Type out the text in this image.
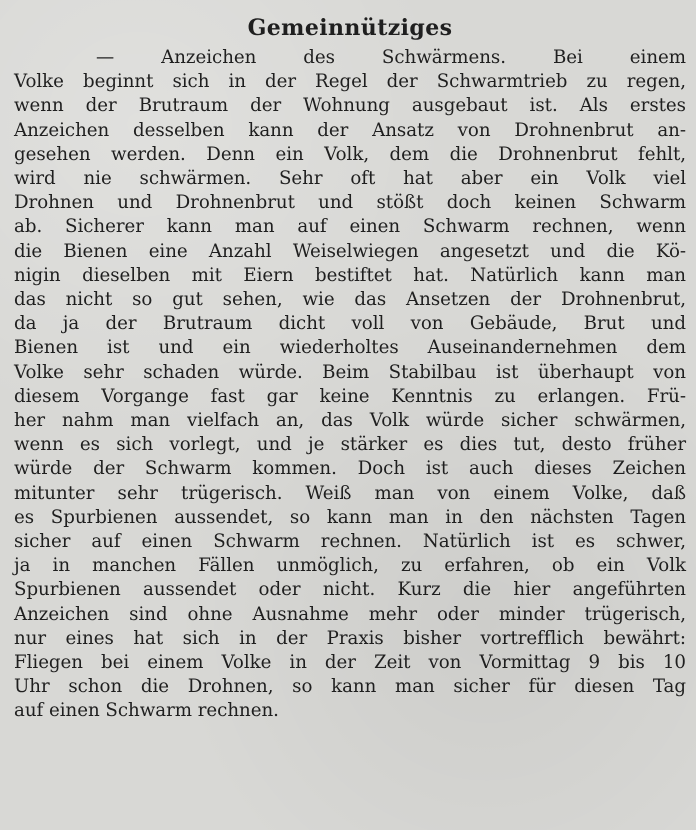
Gemeinnütziges
— Anzeichen des Schwärmens. Bei einem
Volke beginnt sich in der Regel der Schwarmtrieb zu regen,
wenn der Brutraum der Wohnung ausgebaut ist. Als erstes
Anzeichen desselben kann der Ansatz von Drohnenbrut an-
gesehen werden. Denn ein Volk, dem die Drohnenbrut fehlt,
wird nie schwärmen. Sehr oft hat aber ein Volk viel
Drohnen und Drohnenbrut und stößt doch keinen Schwarm
ab. Sicherer kann man auf einen Schwarm rechnen, wenn
die Bienen eine Anzahl Weiselwiegen angesetzt und die Kö-
nigin dieselben mit Eiern bestiftet hat. Natürlich kann man
das nicht so gut sehen, wie das Ansetzen der Drohnenbrut,
da ja der Brutraum dicht voll von Gebäude, Brut und
Bienen ist und ein wiederholtes Auseinandernehmen dem
Volke sehr schaden würde. Beim Stabilbau ist überhaupt von
diesem Vorgange fast gar keine Kenntnis zu erlangen. Frü-
her nahm man vielfach an, das Volk würde sicher schwärmen,
wenn es sich vorlegt, und je stärker es dies tut, desto früher
würde der Schwarm kommen. Doch ist auch dieses Zeichen
mitunter sehr trügerisch. Weiß man von einem Volke, daß
es Spurbienen aussendet, so kann man in den nächsten Tagen
sicher auf einen Schwarm rechnen. Natürlich ist es schwer,
ja in manchen Fällen unmöglich, zu erfahren, ob ein Volk
Spurbienen aussendet oder nicht. Kurz die hier angeführten
Anzeichen sind ohne Ausnahme mehr oder minder trügerisch,
nur eines hat sich in der Praxis bisher vortrefflich bewährt:
Fliegen bei einem Volke in der Zeit von Vormittag 9 bis 10
Uhr schon die Drohnen, so kann man sicher für diesen Tag
auf einen Schwarm rechnen.
